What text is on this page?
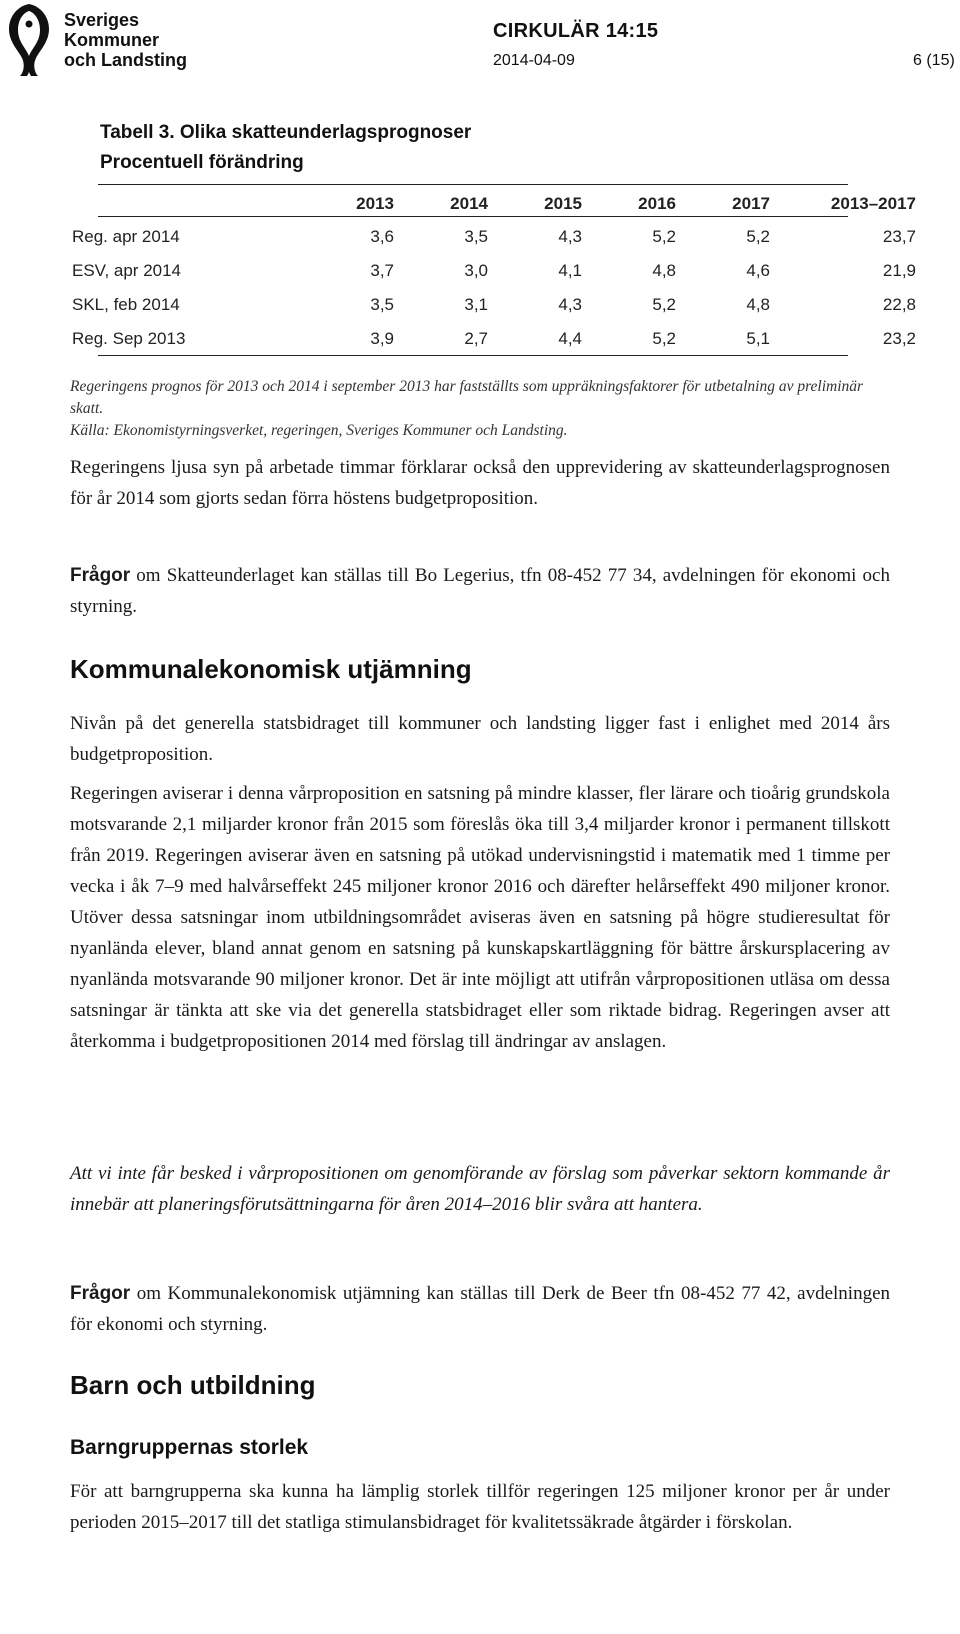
Sveriges
Kommuner
och Landsting
CIRKULÄR 14:15
2014-04-09	6 (15)
Tabell 3. Olika skatteunderlagsprognoser
Procentuell förändring
	2013	2014	2015	2016	2017	2013–2017
Reg. apr 2014	3,6	3,5	4,3	5,2	5,2	23,7
ESV, apr 2014	3,7	3,0	4,1	4,8	4,6	21,9
SKL, feb 2014	3,5	3,1	4,3	5,2	4,8	22,8
Reg. Sep 2013	3,9	2,7	4,4	5,2	5,1	23,2

Regeringens prognos för 2013 och 2014 i september 2013 har fastställts som uppräkningsfaktorer för utbetalning av preliminär skatt.

Källa: Ekonomistyrningsverket, regeringen, Sveriges Kommuner och Landsting.

Regeringens ljusa syn på arbetade timmar förklarar också den upprevidering av skatteunderlagsprognosen för år 2014 som gjorts sedan förra höstens budgetproposition.

Frågor om Skatteunderlaget kan ställas till Bo Legerius, tfn 08-452 77 34, avdelningen för ekonomi och styrning.

Kommunalekonomisk utjämning

Nivån på det generella statsbidraget till kommuner och landsting ligger fast i enlighet med 2014 års budgetproposition.

Regeringen aviserar i denna vårproposition en satsning på mindre klasser, fler lärare och tioårig grundskola motsvarande 2,1 miljarder kronor från 2015 som föreslås öka till 3,4 miljarder kronor i permanent tillskott från 2019. Regeringen aviserar även en satsning på utökad undervisningstid i matematik med 1 timme per vecka i åk 7–9 med halvårseffekt 245 miljoner kronor 2016 och därefter helårseffekt 490 miljoner kronor. Utöver dessa satsningar inom utbildningsområdet aviseras även en satsning på högre studieresultat för nyanlända elever, bland annat genom en satsning på kunskapskartläggning för bättre årskursplacering av nyanlända motsvarande 90 miljoner kronor. Det är inte möjligt att utifrån vårpropositionen utläsa om dessa satsningar är tänkta att ske via det generella statsbidraget eller som riktade bidrag. Regeringen avser att återkomma i budgetpropositionen 2014 med förslag till ändringar av anslagen.

Att vi inte får besked i vårpropositionen om genomförande av förslag som påverkar sektorn kommande år innebär att planeringsförutsättningarna för åren 2014–2016 blir svåra att hantera.

Frågor om Kommunalekonomisk utjämning kan ställas till Derk de Beer tfn 08-452 77 42, avdelningen för ekonomi och styrning.

Barn och utbildning
Barngruppernas storlek

För att barngrupperna ska kunna ha lämplig storlek tillför regeringen 125 miljoner kronor per år under perioden 2015–2017 till det statliga stimulansbidraget för kvalitetssäkrade åtgärder i förskolan.
